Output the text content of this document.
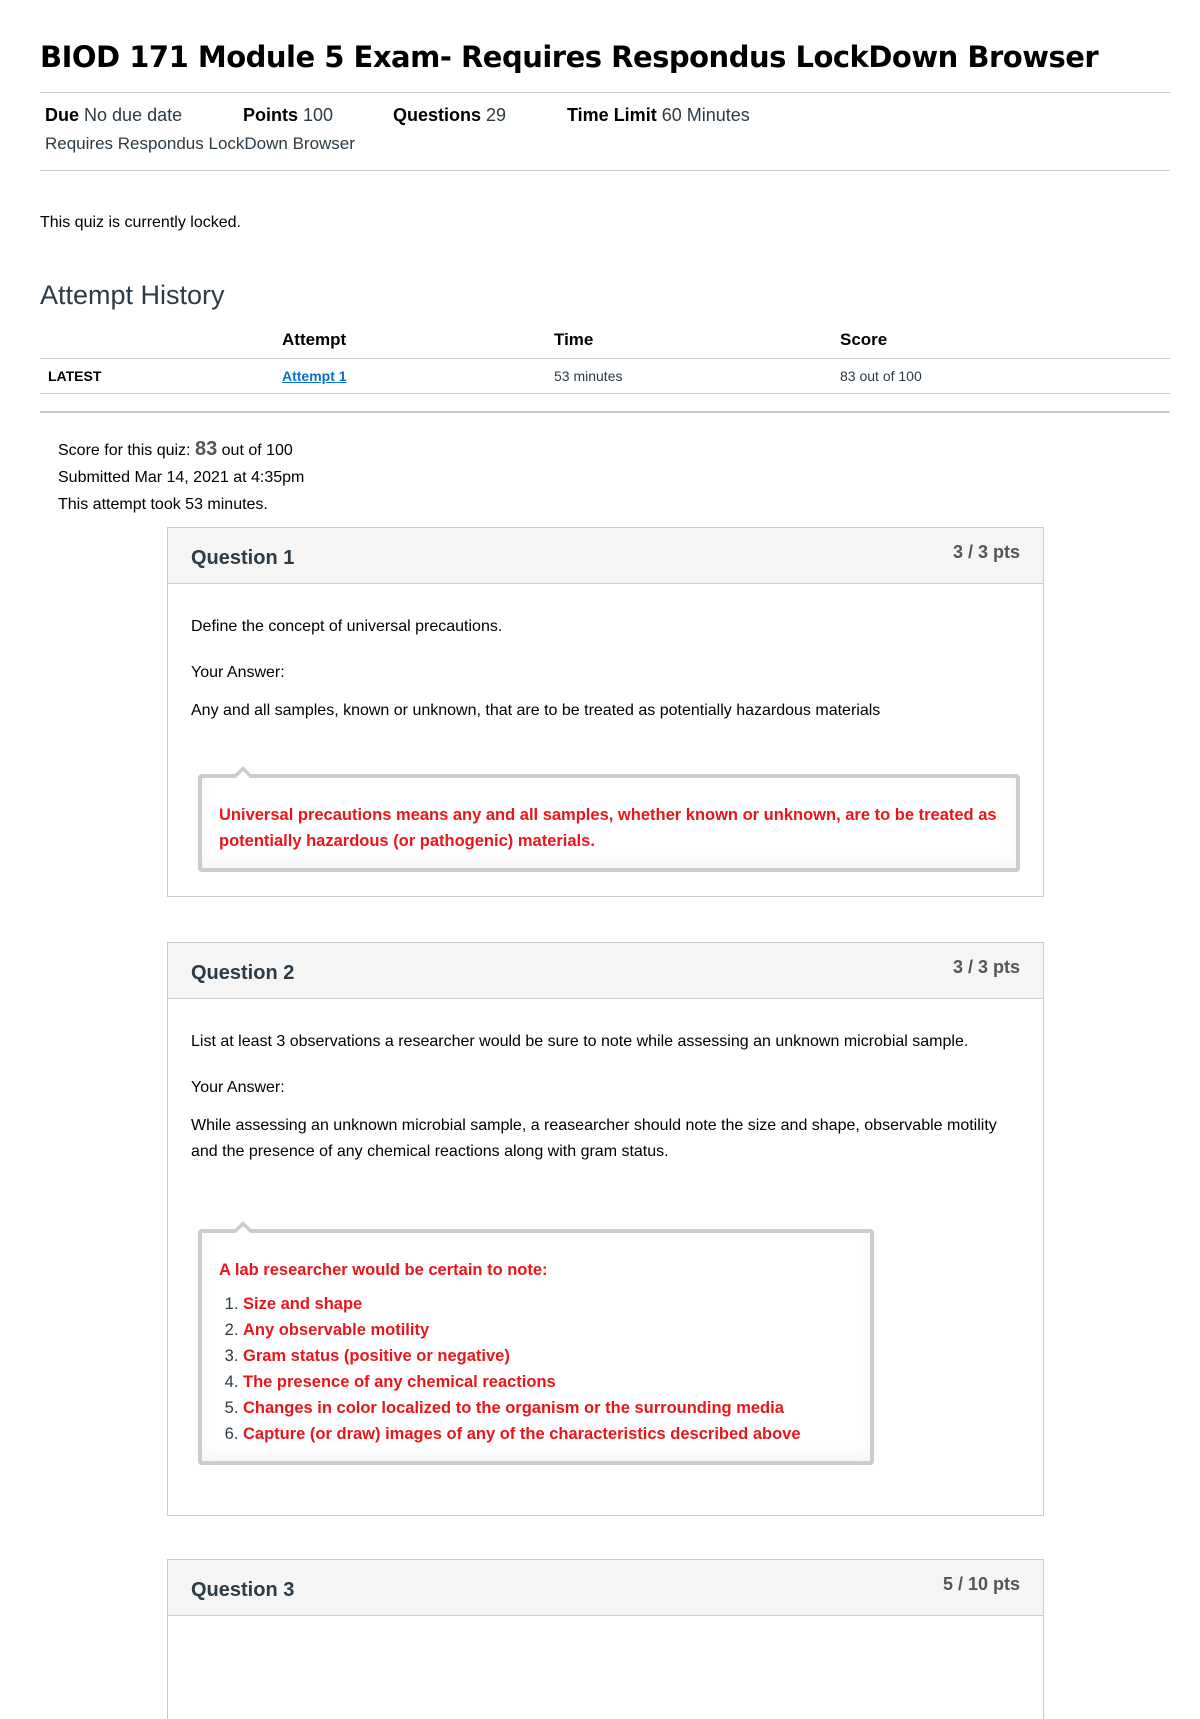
BIOD 171 Module 5 Exam- Requires Respondus LockDown Browser
Due No due date	Points 100	Questions 29	Time Limit 60 Minutes
Requires Respondus LockDown Browser
This quiz is currently locked.
Attempt History
	Attempt	Time	Score
LATEST	Attempt 1	53 minutes	83 out of 100
Score for this quiz: 83 out of 100
Submitted Mar 14, 2021 at 4:35pm
This attempt took 53 minutes.
Question 1	3 / 3 pts

Define the concept of universal precautions.

Your Answer:

Any and all samples, known or unknown, that are to be treated as potentially hazardous materials

Universal precautions means any and all samples, whether known or unknown, are to be treated as potentially hazardous (or pathogenic) materials.
Question 2	3 / 3 pts

List at least 3 observations a researcher would be sure to note while assessing an unknown microbial sample.

Your Answer:

While assessing an unknown microbial sample, a reasearcher should note the size and shape, observable motility and the presence of any chemical reactions along with gram status.

A lab researcher would be certain to note:
1. Size and shape
2. Any observable motility
3. Gram status (positive or negative)
4. The presence of any chemical reactions
5. Changes in color localized to the organism or the surrounding media
6. Capture (or draw) images of any of the characteristics described above
Question 3	5 / 10 pts
